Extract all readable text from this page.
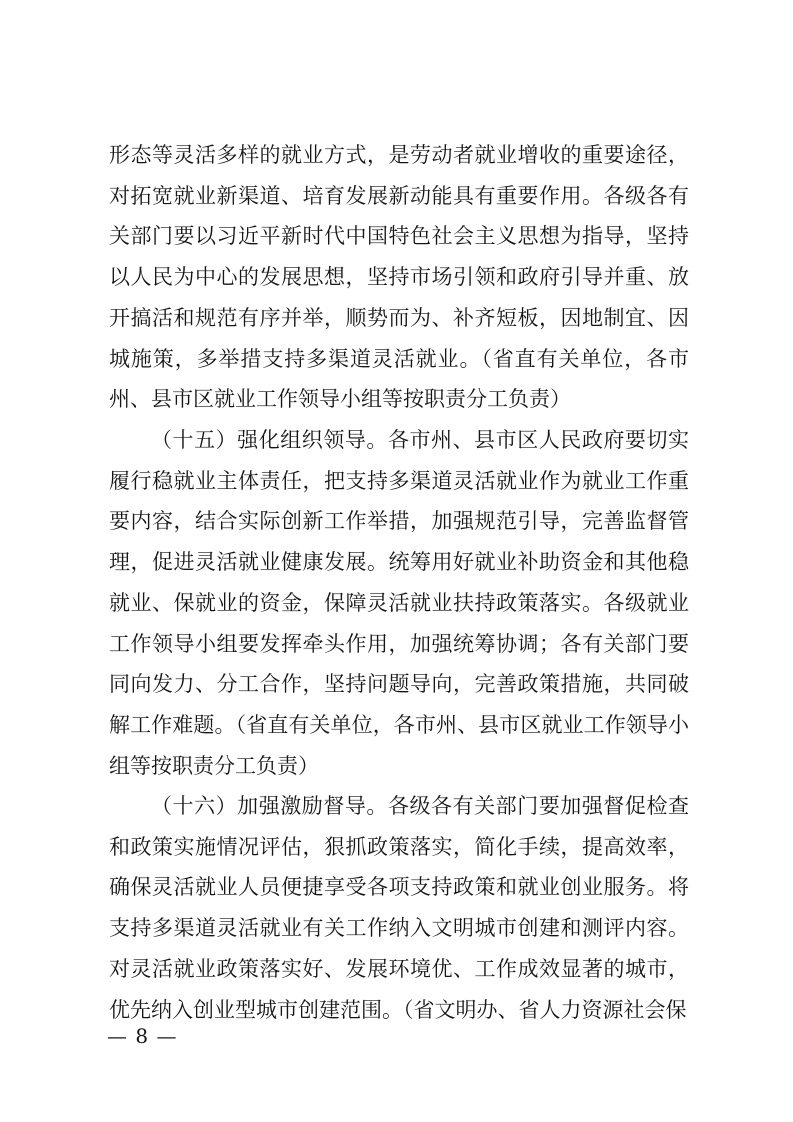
形态等灵活多样的就业方式，是劳动者就业增收的重要途径，对拓宽就业新渠道、培育发展新动能具有重要作用。各级各有关部门要以习近平新时代中国特色社会主义思想为指导，坚持以人民为中心的发展思想，坚持市场引领和政府引导并重、放开搞活和规范有序并举，顺势而为、补齐短板，因地制宜、因城施策，多举措支持多渠道灵活就业。（省直有关单位，各市州、县市区就业工作领导小组等按职责分工负责）

（十五）强化组织领导。各市州、县市区人民政府要切实履行稳就业主体责任，把支持多渠道灵活就业作为就业工作重要内容，结合实际创新工作举措，加强规范引导，完善监督管理，促进灵活就业健康发展。统筹用好就业补助资金和其他稳就业、保就业的资金，保障灵活就业扶持政策落实。各级就业工作领导小组要发挥牵头作用，加强统筹协调；各有关部门要同向发力、分工合作，坚持问题导向，完善政策措施，共同破解工作难题。（省直有关单位，各市州、县市区就业工作领导小组等按职责分工负责）

（十六）加强激励督导。各级各有关部门要加强督促检查和政策实施情况评估，狠抓政策落实，简化手续，提高效率，确保灵活就业人员便捷享受各项支持政策和就业创业服务。将支持多渠道灵活就业有关工作纳入文明城市创建和测评内容。对灵活就业政策落实好、发展环境优、工作成效显著的城市，优先纳入创业型城市创建范围。（省文明办、省人力资源社会保

— 8 —
